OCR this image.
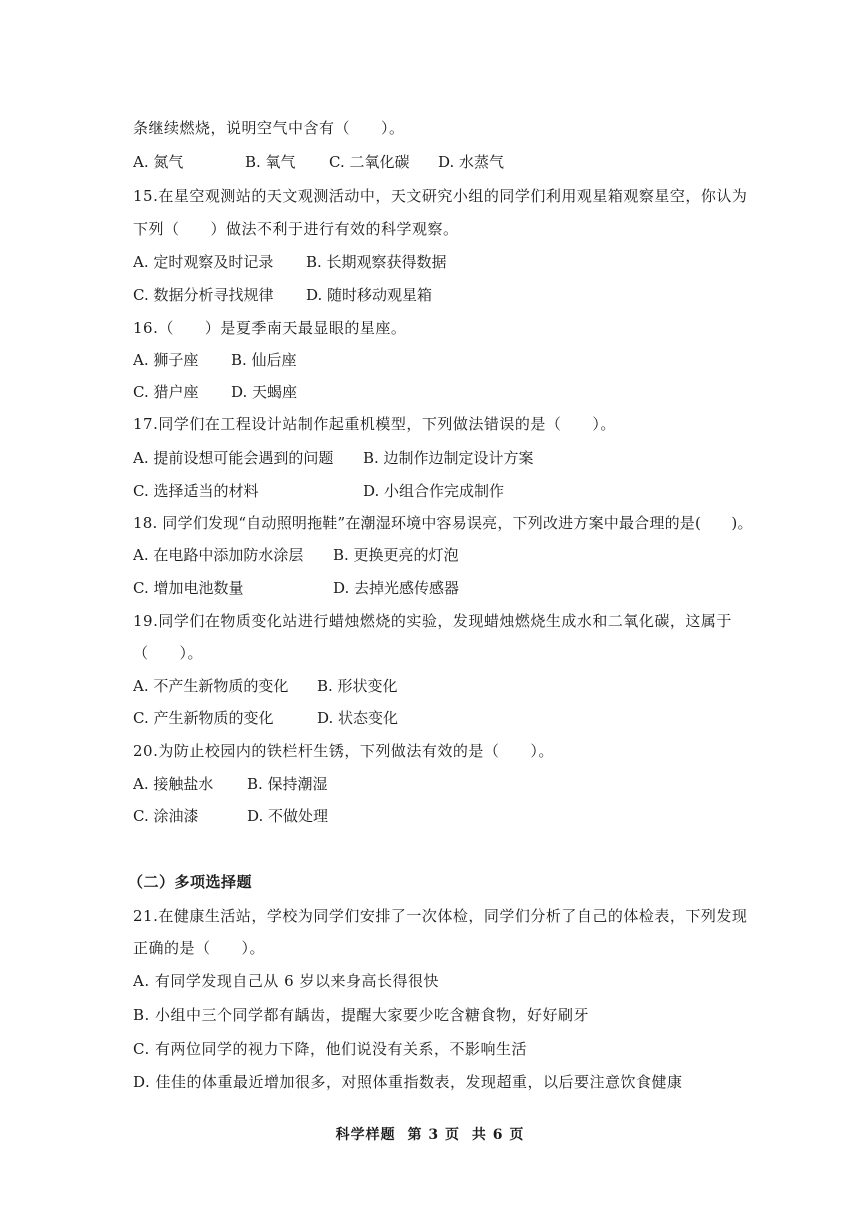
条继续燃烧，说明空气中含有（　　）。
A. 氮气	B. 氧气 C. 二氧化碳 D. 水蒸气
15.在星空观测站的天文观测活动中，天文研究小组的同学们利用观星箱观察星空，你认为
下列（　　）做法不利于进行有效的科学观察。
A. 定时观察及时记录 B. 长期观察获得数据
C. 数据分析寻找规律 D. 随时移动观星箱
16.（　　）是夏季南天最显眼的星座。
A. 狮子座 B. 仙后座
C. 猎户座 D. 天蝎座
17.同学们在工程设计站制作起重机模型，下列做法错误的是（　　）。
A. 提前设想可能会遇到的问题 B. 边制作边制定设计方案
C. 选择适当的材料	D. 小组合作完成制作
18. 同学们发现“自动照明拖鞋”在潮湿环境中容易误亮，下列改进方案中最合理的是(　　)。
A. 在电路中添加防水涂层 B. 更换更亮的灯泡
C. 增加电池数量	D. 去掉光感传感器
19.同学们在物质变化站进行蜡烛燃烧的实验，发现蜡烛燃烧生成水和二氧化碳，这属于
（　　）。
A. 不产生新物质的变化 B. 形状变化
C. 产生新物质的变化	D. 状态变化
20.为防止校园内的铁栏杆生锈，下列做法有效的是（　　）。
A. 接触盐水 B. 保持潮湿
C. 涂油漆	D. 不做处理
（二）多项选择题
21.在健康生活站，学校为同学们安排了一次体检，同学们分析了自己的体检表，下列发现
正确的是（　　）。
A. 有同学发现自己从 6 岁以来身高长得很快
B. 小组中三个同学都有龋齿，提醒大家要少吃含糖食物，好好刷牙
C. 有两位同学的视力下降，他们说没有关系，不影响生活
D. 佳佳的体重最近增加很多，对照体重指数表，发现超重，以后要注意饮食健康
科学样题 第 3 页 共 6 页
